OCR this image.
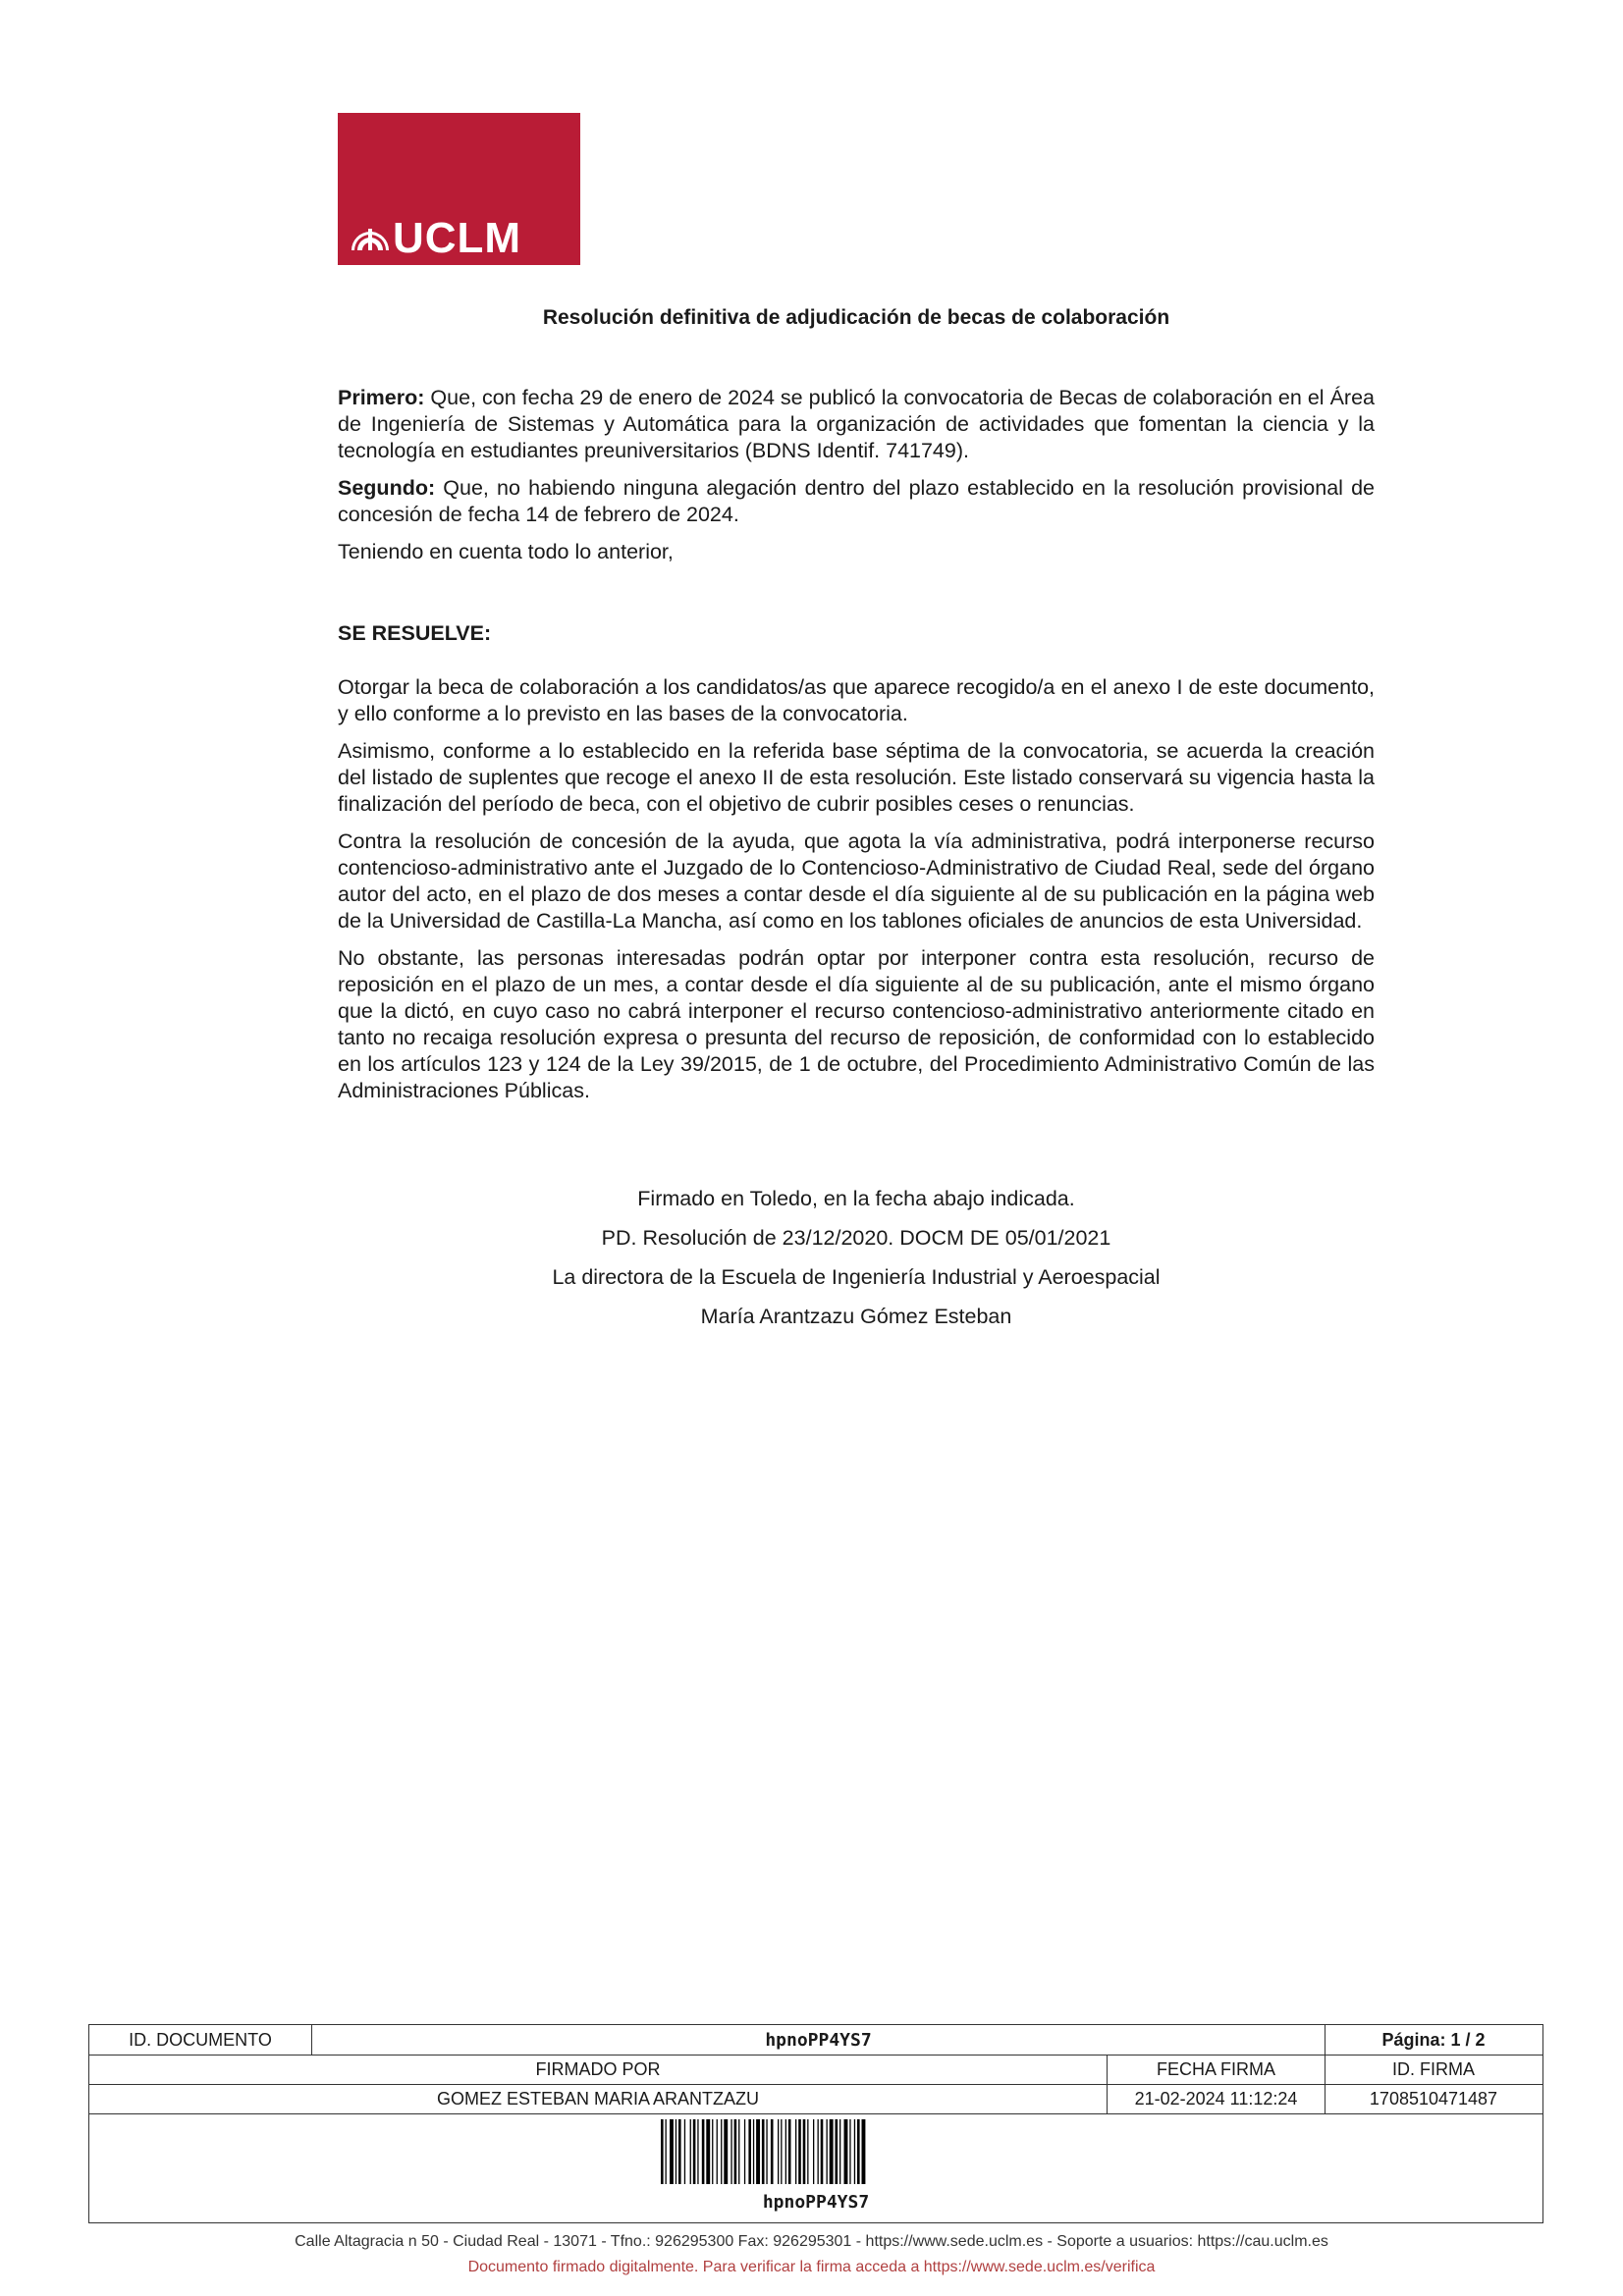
UCLM
Resolución definitiva de adjudicación de becas de colaboración

Primero: Que, con fecha 29 de enero de 2024 se publicó la convocatoria de Becas de colaboración en el Área de Ingeniería de Sistemas y Automática para la organización de actividades que fomentan la ciencia y la tecnología en estudiantes preuniversitarios (BDNS Identif. 741749).

Segundo: Que, no habiendo ninguna alegación dentro del plazo establecido en la resolución provisional de concesión de fecha 14 de febrero de 2024.

Teniendo en cuenta todo lo anterior,

SE RESUELVE:

Otorgar la beca de colaboración a los candidatos/as que aparece recogido/a en el anexo I de este documento, y ello conforme a lo previsto en las bases de la convocatoria.

Asimismo, conforme a lo establecido en la referida base séptima de la convocatoria, se acuerda la creación del listado de suplentes que recoge el anexo II de esta resolución. Este listado conservará su vigencia hasta la finalización del período de beca, con el objetivo de cubrir posibles ceses o renuncias.

Contra la resolución de concesión de la ayuda, que agota la vía administrativa, podrá interponerse recurso contencioso-administrativo ante el Juzgado de lo Contencioso-Administrativo de Ciudad Real, sede del órgano autor del acto, en el plazo de dos meses a contar desde el día siguiente al de su publicación en la página web de la Universidad de Castilla-La Mancha, así como en los tablones oficiales de anuncios de esta Universidad.

No obstante, las personas interesadas podrán optar por interponer contra esta resolución, recurso de reposición en el plazo de un mes, a contar desde el día siguiente al de su publicación, ante el mismo órgano que la dictó, en cuyo caso no cabrá interponer el recurso contencioso-administrativo anteriormente citado en tanto no recaiga resolución expresa o presunta del recurso de reposición, de conformidad con lo establecido en los artículos 123 y 124 de la Ley 39/2015, de 1 de octubre, del Procedimiento Administrativo Común de las Administraciones Públicas.

Firmado en Toledo, en la fecha abajo indicada.
PD. Resolución de 23/12/2020. DOCM DE 05/01/2021
La directora de la Escuela de Ingeniería Industrial y Aeroespacial
María Arantzazu Gómez Esteban
ID. DOCUMENTO	hpnoPP4YS7	Página: 1 / 2
FIRMADO POR	FECHA FIRMA	ID. FIRMA
GOMEZ ESTEBAN MARIA ARANTZAZU	21-02-2024 11:12:24	1708510471487
hpnoPP4YS7
Calle Altagracia n 50 - Ciudad Real - 13071 - Tfno.: 926295300 Fax: 926295301 - https://www.sede.uclm.es - Soporte a usuarios: https://cau.uclm.es
Documento firmado digitalmente. Para verificar la firma acceda a https://www.sede.uclm.es/verifica
